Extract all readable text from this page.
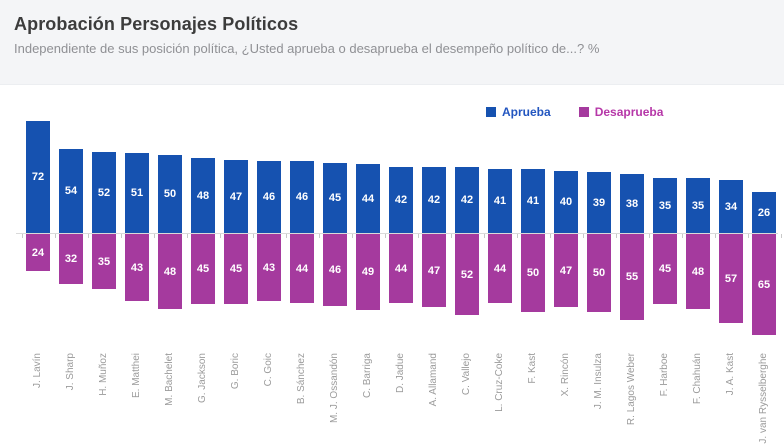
Aprobación Personajes Políticos
Independiente de sus posición política, ¿Usted aprueba o desaprueba el desempeño político de...? %
Aprueba	Desaprueba
72
24
J. Lavín
54
32
J. Sharp
52
35
H. Muñoz
51
43
E. Matthei
50
48
M. Bachelet
48
45
G. Jackson
47
45
G. Boric
46
43
C. Goic
46
44
B. Sánchez
45
46
M. J. Ossandón
44
49
C. Barriga
42
44
D. Jadue
42
47
A. Allamand
42
52
C. Vallejo
41
44
L. Cruz-Coke
41
50
F. Kast
40
47
X. Rincón
39
50
J. M. Insulza
38
55
R. Lagos Weber
35
45
F. Harboe
35
48
F. Chahuán
34
57
J. A. Kast
26
65
J. van Rysselberghe
